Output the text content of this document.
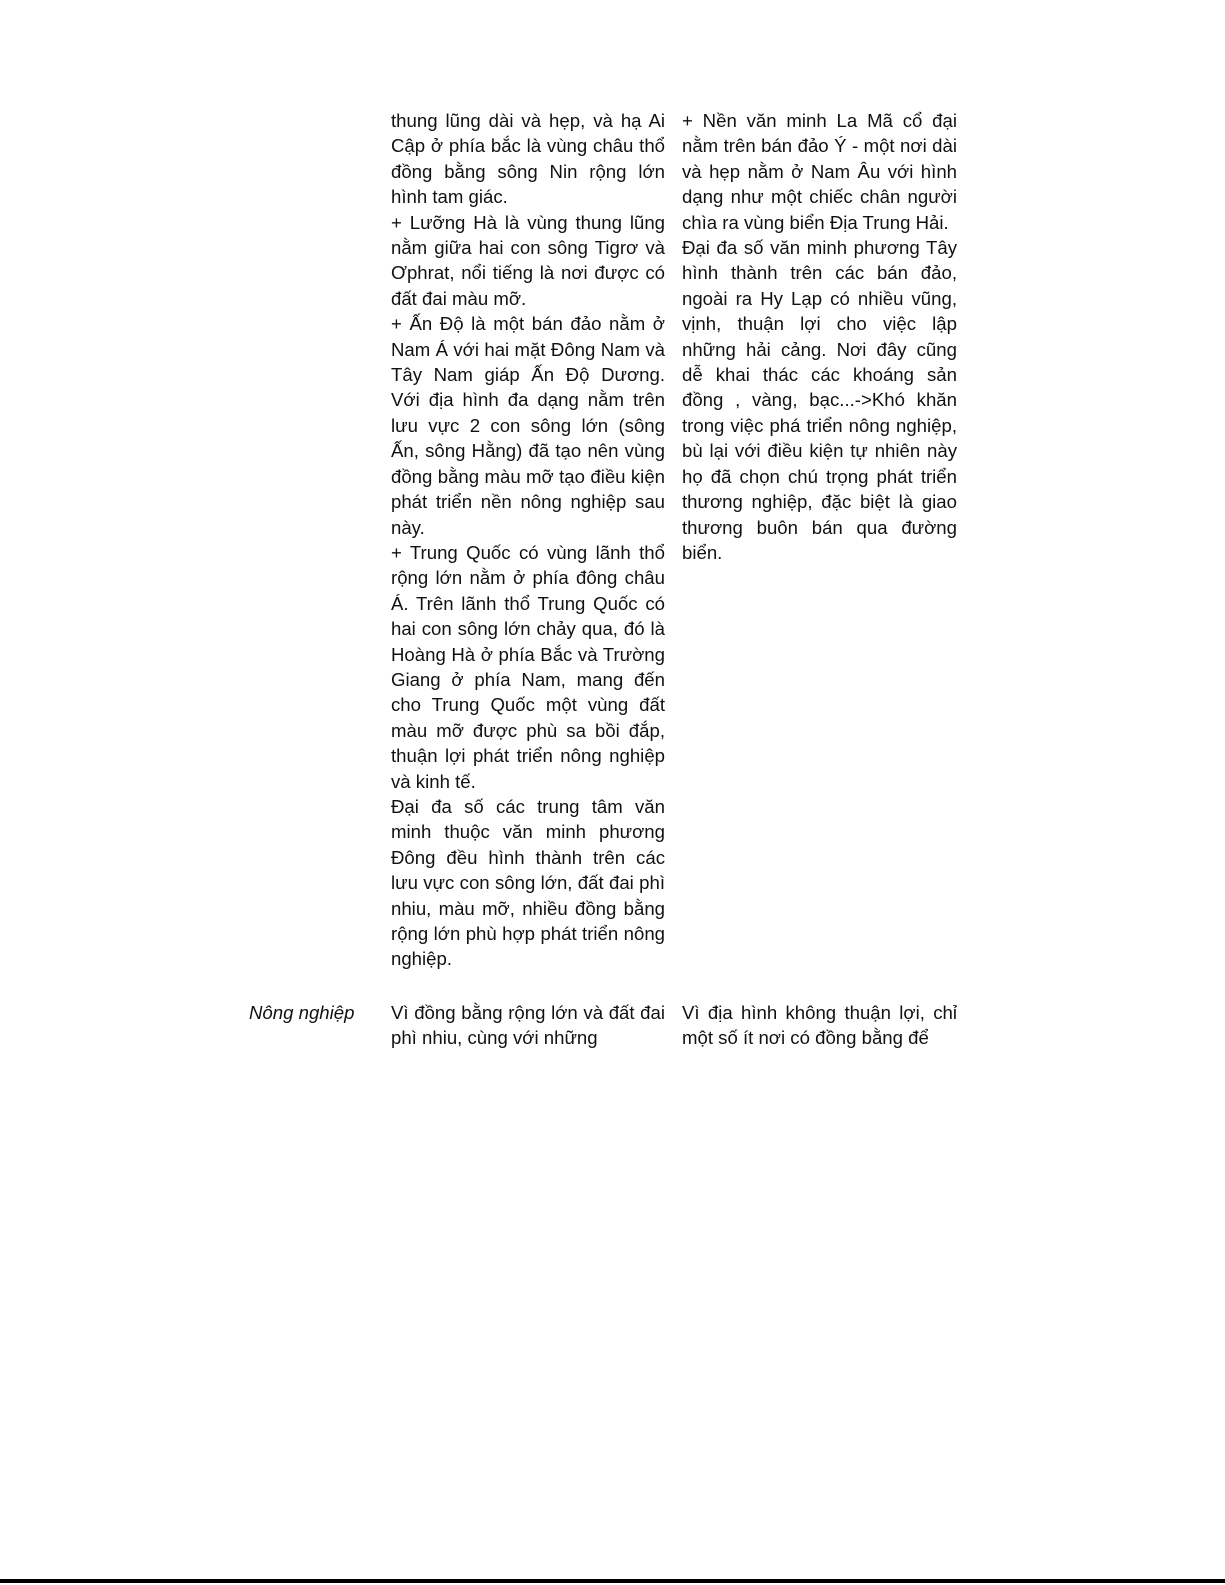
thung lũng dài và hẹp, và hạ Ai Cập ở phía bắc là vùng châu thổ đồng bằng sông Nin rộng lớn hình tam giác.

+ Lưỡng Hà là vùng thung lũng nằm giữa hai con sông Tigrơ và Ơphrat, nổi tiếng là nơi được có đất đai màu mỡ.

+ Ấn Độ là một bán đảo nằm ở Nam Á với hai mặt Đông Nam và Tây Nam giáp Ấn Độ Dương. Với địa hình đa dạng nằm trên lưu vực 2 con sông lớn (sông Ấn, sông Hằng) đã tạo nên vùng đồng bằng màu mỡ tạo điều kiện phát triển nền nông nghiệp sau này.

+ Trung Quốc có vùng lãnh thổ rộng lớn nằm ở phía đông châu Á. Trên lãnh thổ Trung Quốc có hai con sông lớn chảy qua, đó là Hoàng Hà ở phía Bắc và Trường Giang ở phía Nam, mang đến cho Trung Quốc một vùng đất màu mỡ được phù sa bồi đắp, thuận lợi phát triển nông nghiệp và kinh tế.

Đại đa số các trung tâm văn minh thuộc văn minh phương Đông đều hình thành trên các lưu vực con sông lớn, đất đai phì nhiu, màu mỡ, nhiều đồng bằng rộng lớn phù hợp phát triển nông nghiệp.

+ Nền văn minh La Mã cổ đại nằm trên bán đảo Ý - một nơi dài và hẹp nằm ở Nam Âu với hình dạng như một chiếc chân người chìa ra vùng biển Địa Trung Hải.

Đại đa số văn minh phương Tây hình thành trên các bán đảo, ngoài ra Hy Lạp có nhiều vũng, vịnh, thuận lợi cho việc lập những hải cảng. Nơi đây cũng dễ khai thác các khoáng sản đồng , vàng, bạc...->Khó khăn trong việc phá triển nông nghiệp, bù lại với điều kiện tự nhiên này họ đã chọn chú trọng phát triển thương nghiệp, đặc biệt là giao thương buôn bán qua đường biển.

Nông nghiệp Vì đồng bằng rộng lớn và đất đai phì nhiu, cùng với những

Vì địa hình không thuận lợi, chỉ một số ít nơi có đồng bằng để
